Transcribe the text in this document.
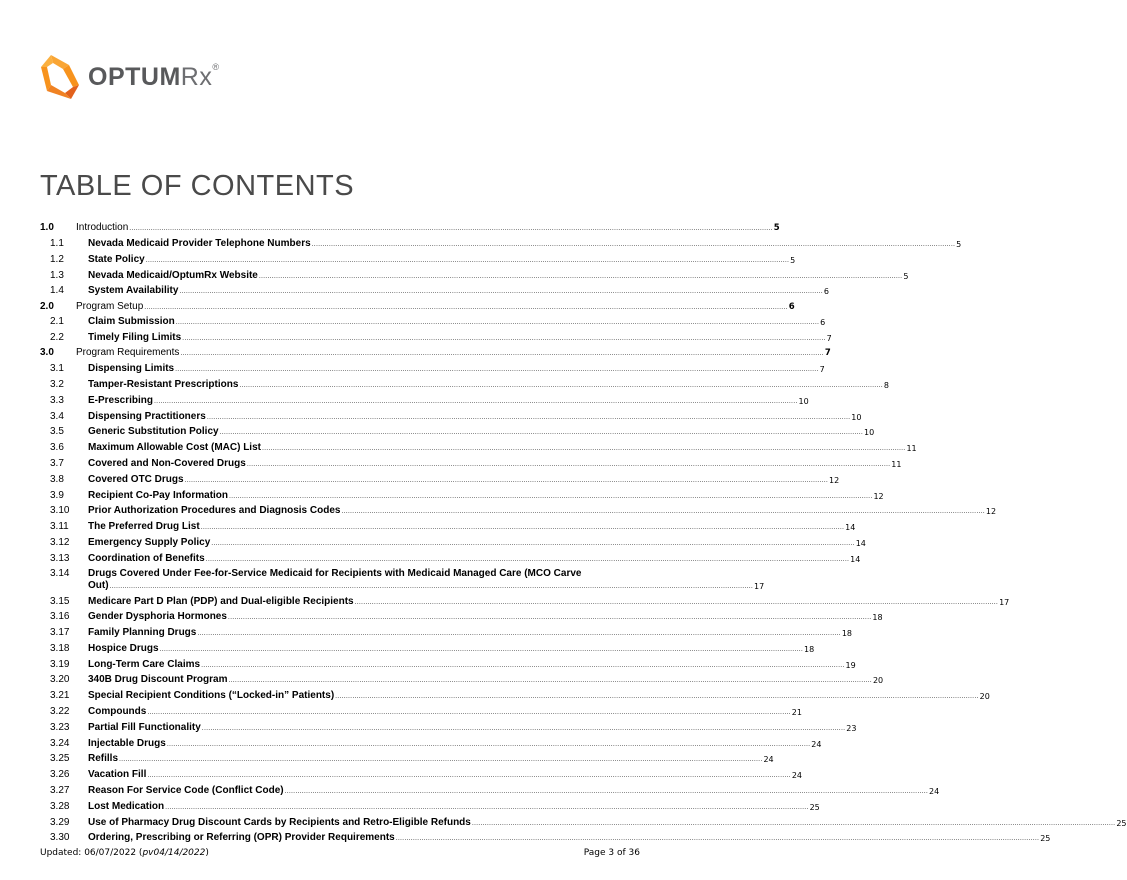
OPTUMRx®
TABLE OF CONTENTS
1.0	Introduction ............................................................................................................................................................................................................................................................................................................ 5
1.1	Nevada Medicaid Provider Telephone Numbers ............................................................................................................................................................................................................................................................................................................ 5
1.2	State Policy ............................................................................................................................................................................................................................................................................................................ 5
1.3	Nevada Medicaid/OptumRx Website ............................................................................................................................................................................................................................................................................................................ 5
1.4	System Availability ............................................................................................................................................................................................................................................................................................................ 6
2.0	Program Setup ............................................................................................................................................................................................................................................................................................................ 6
2.1	Claim Submission ............................................................................................................................................................................................................................................................................................................ 6
2.2	Timely Filing Limits ............................................................................................................................................................................................................................................................................................................ 7
3.0	Program Requirements ............................................................................................................................................................................................................................................................................................................ 7
3.1	Dispensing Limits ............................................................................................................................................................................................................................................................................................................ 7
3.2	Tamper-Resistant Prescriptions ............................................................................................................................................................................................................................................................................................................ 8
3.3	E-Prescribing ............................................................................................................................................................................................................................................................................................................ 10
3.4	Dispensing Practitioners ............................................................................................................................................................................................................................................................................................................ 10
3.5	Generic Substitution Policy ............................................................................................................................................................................................................................................................................................................ 10
3.6	Maximum Allowable Cost (MAC) List ............................................................................................................................................................................................................................................................................................................ 11
3.7	Covered and Non-Covered Drugs ............................................................................................................................................................................................................................................................................................................ 11
3.8	Covered OTC Drugs ............................................................................................................................................................................................................................................................................................................ 12
3.9	Recipient Co-Pay Information ............................................................................................................................................................................................................................................................................................................ 12
3.10	Prior Authorization Procedures and Diagnosis Codes ............................................................................................................................................................................................................................................................................................................ 12
3.11	The Preferred Drug List ............................................................................................................................................................................................................................................................................................................ 14
3.12	Emergency Supply Policy ............................................................................................................................................................................................................................................................................................................ 14
3.13	Coordination of Benefits ............................................................................................................................................................................................................................................................................................................ 14
3.14	Drugs Covered Under Fee-for-Service Medicaid for Recipients with Medicaid Managed Care (MCO Carve
Out) ............................................................................................................................................................................................................................................................................................................ 17
3.15	Medicare Part D Plan (PDP) and Dual-eligible Recipients ............................................................................................................................................................................................................................................................................................................ 17
3.16	Gender Dysphoria Hormones ............................................................................................................................................................................................................................................................................................................ 18
3.17	Family Planning Drugs ............................................................................................................................................................................................................................................................................................................ 18
3.18	Hospice Drugs ............................................................................................................................................................................................................................................................................................................ 18
3.19	Long-Term Care Claims ............................................................................................................................................................................................................................................................................................................ 19
3.20	340B Drug Discount Program ............................................................................................................................................................................................................................................................................................................ 20
3.21	Special Recipient Conditions (“Locked-in” Patients) ............................................................................................................................................................................................................................................................................................................ 20
3.22	Compounds ............................................................................................................................................................................................................................................................................................................ 21
3.23	Partial Fill Functionality ............................................................................................................................................................................................................................................................................................................ 23
3.24	Injectable Drugs ............................................................................................................................................................................................................................................................................................................ 24
3.25	Refills ............................................................................................................................................................................................................................................................................................................ 24
3.26	Vacation Fill ............................................................................................................................................................................................................................................................................................................ 24
3.27	Reason For Service Code (Conflict Code) ............................................................................................................................................................................................................................................................................................................ 24
3.28	Lost Medication ............................................................................................................................................................................................................................................................................................................ 25
3.29	Use of Pharmacy Drug Discount Cards by Recipients and Retro-Eligible Refunds ............................................................................................................................................................................................................................................................................................................ 25
3.30	Ordering, Prescribing or Referring (OPR) Provider Requirements ............................................................................................................................................................................................................................................................................................................ 25
Updated: 06/07/2022 (pv04/14/2022)	Page 3 of 36
